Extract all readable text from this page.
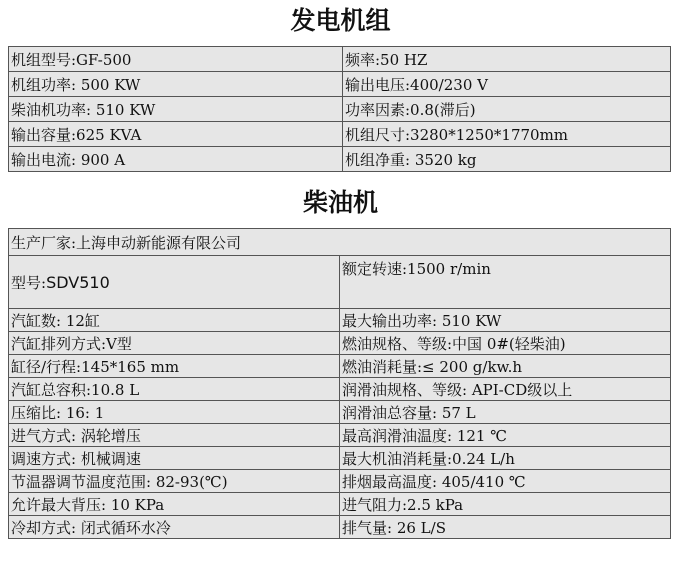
发电机组
机组型号:GF-500	频率:50 HZ
机组功率: 500 KW	输出电压:400/230 V
柴油机功率: 510 KW	功率因素:0.8(滞后)
输出容量:625 KVA	机组尺寸:3280*1250*1770mm
输出电流: 900 A	机组净重: 3520 kg
柴油机
生产厂家:上海申动新能源有限公司	
型号:SDV510	额定转速:1500 r/min
汽缸数: 12缸	最大输出功率: 510 KW
汽缸排列方式:V型	燃油规格、等级:中国 0#(轻柴油)
缸径/行程:145*165 mm	燃油消耗量:≤ 200 g/kw.h
汽缸总容积:10.8 L	润滑油规格、等级: API-CD级以上
压缩比: 16: 1	润滑油总容量: 57 L
进气方式: 涡轮增压	最高润滑油温度: 121 ℃
调速方式: 机械调速	最大机油消耗量:0.24 L/h
节温器调节温度范围: 82-93(℃)	排烟最高温度: 405/410 ℃
允许最大背压: 10 KPa	进气阻力:2.5 kPa
冷却方式: 闭式循环水冷	排气量: 26 L/S
